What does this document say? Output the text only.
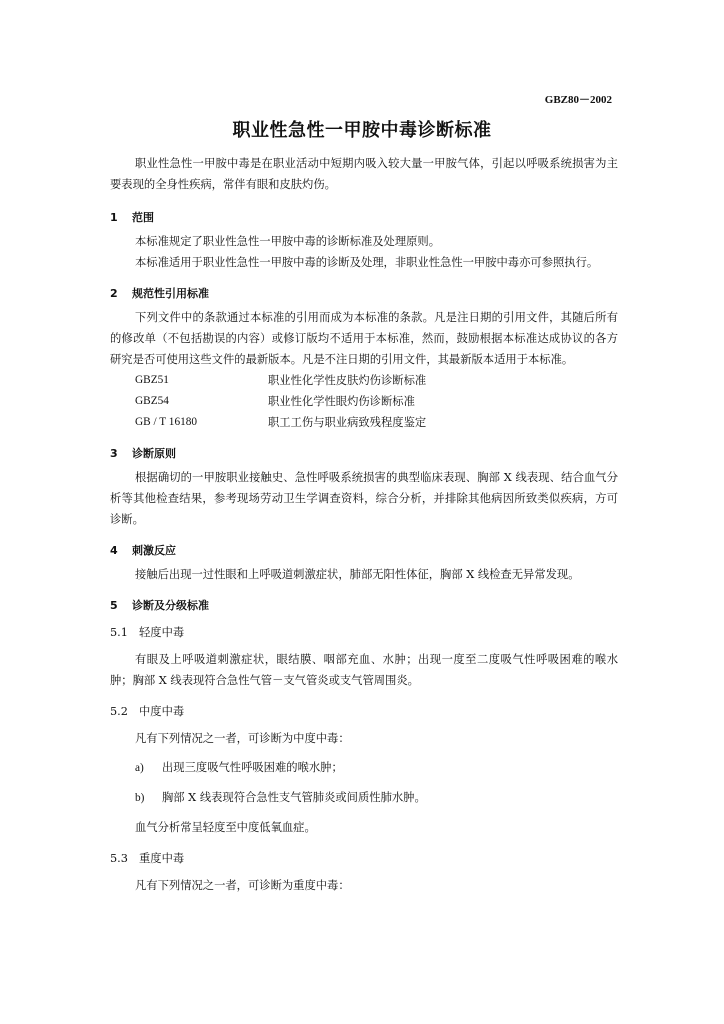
GBZ80－2002
职业性急性一甲胺中毒诊断标准

职业性急性一甲胺中毒是在职业活动中短期内吸入较大量一甲胺气体，引起以呼吸系统损害为主要表现的全身性疾病，常伴有眼和皮肤灼伤。

1 范围

本标准规定了职业性急性一甲胺中毒的诊断标准及处理原则。

本标准适用于职业性急性一甲胺中毒的诊断及处理，非职业性急性一甲胺中毒亦可参照执行。

2 规范性引用标准

下列文件中的条款通过本标准的引用而成为本标准的条款。凡是注日期的引用文件，其随后所有的修改单（不包括勘误的内容）或修订版均不适用于本标准，然而，鼓励根据本标准达成协议的各方研究是否可使用这些文件的最新版本。凡是不注日期的引用文件，其最新版本适用于本标准。

GBZ51	职业性化学性皮肤灼伤诊断标准
GBZ54	职业性化学性眼灼伤诊断标准
GB / T 16180	职工工伤与职业病致残程度鉴定
3 诊断原则

根据确切的一甲胺职业接触史、急性呼吸系统损害的典型临床表现、胸部 X 线表现、结合血气分析等其他检查结果，参考现场劳动卫生学调查资料，综合分析，并排除其他病因所致类似疾病，方可诊断。

4 刺激反应

接触后出现一过性眼和上呼吸道刺激症状，肺部无阳性体征，胸部 X 线检查无异常发现。

5 诊断及分级标准
5.1 轻度中毒

有眼及上呼吸道刺激症状，眼结膜、咽部充血、水肿；出现一度至二度吸气性呼吸困难的喉水肿；胸部 X 线表现符合急性气管－支气管炎或支气管周围炎。

5.2 中度中毒

凡有下列情况之一者，可诊断为中度中毒：

a) 出现三度吸气性呼吸困难的喉水肿；
b) 胸部 X 线表现符合急性支气管肺炎或间质性肺水肿。

血气分析常呈轻度至中度低氧血症。

5.3 重度中毒

凡有下列情况之一者，可诊断为重度中毒：
